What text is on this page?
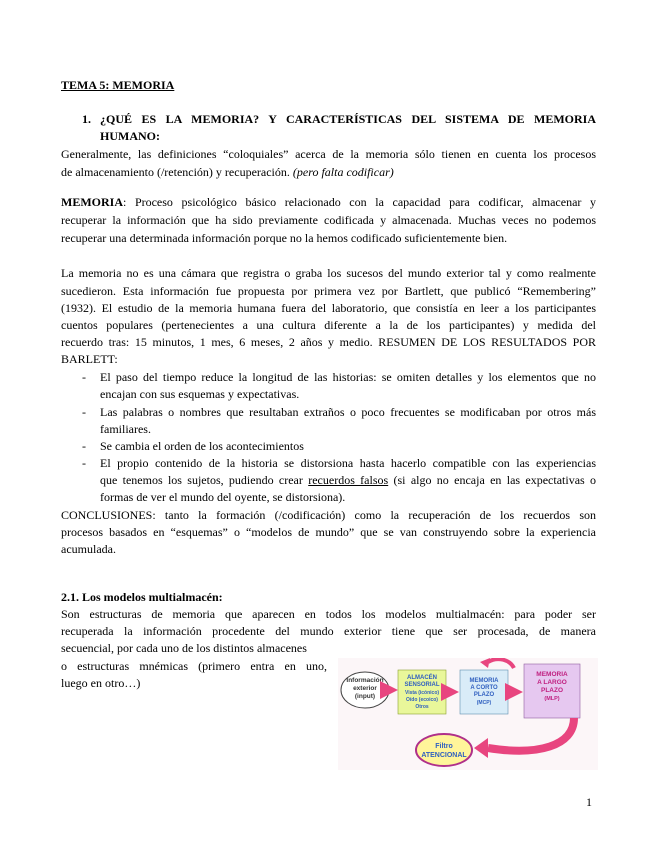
TEMA 5: MEMORIA

1. ¿QUÉ ES LA MEMORIA? Y CARACTERÍSTICAS DEL SISTEMA DE MEMORIA

HUMANO:

Generalmente, las definiciones “coloquiales” acerca de la memoria sólo tienen en cuenta los procesos

de almacenamiento (/retención) y recuperación. (pero falta codificar)

MEMORIA: Proceso psicológico básico relacionado con la capacidad para codificar, almacenar y

recuperar la información que ha sido previamente codificada y almacenada. Muchas veces no podemos

recuperar una determinada información porque no la hemos codificado suficientemente bien.

La memoria no es una cámara que registra o graba los sucesos del mundo exterior tal y como realmente

sucedieron. Esta información fue propuesta por primera vez por Bartlett, que publicó “Remembering”

(1932). El estudio de la memoria humana fuera del laboratorio, que consistía en leer a los participantes

cuentos populares (pertenecientes a una cultura diferente a la de los participantes) y medida del

recuerdo tras: 15 minutos, 1 mes, 6 meses, 2 años y medio. RESUMEN DE LOS RESULTADOS POR

BARLETT:

- El paso del tiempo reduce la longitud de las historias: se omiten detalles y los elementos que no

encajan con sus esquemas y expectativas.

- Las palabras o nombres que resultaban extraños o poco frecuentes se modificaban por otros más

familiares.

- Se cambia el orden de los acontecimientos

- El propio contenido de la historia se distorsiona hasta hacerlo compatible con las experiencias

que tenemos los sujetos, pudiendo crear recuerdos falsos (si algo no encaja en las expectativas o

formas de ver el mundo del oyente, se distorsiona).

CONCLUSIONES: tanto la formación (/codificación) como la recuperación de los recuerdos son

procesos basados en “esquemas” o “modelos de mundo” que se van construyendo sobre la experiencia

acumulada.

2.1. Los modelos multialmacén:

Son estructuras de memoria que aparecen en todos los modelos multialmacén: para poder ser

recuperada la información procedente del mundo exterior tiene que ser procesada, de manera

secuencial, por cada uno de los distintos almacenes

o estructuras mnémicas (primero entra en uno,

luego en otro…)	Información
exterior
(input)
ALMACÉN
SENSORIAL
Vista (icónico)
Oído (ecoico)
Otros
MEMORIA
A CORTO
PLAZO
(MCP)
MEMORIA
A LARGO
PLAZO
(MLP)
Filtro
ATENCIONAL

1
